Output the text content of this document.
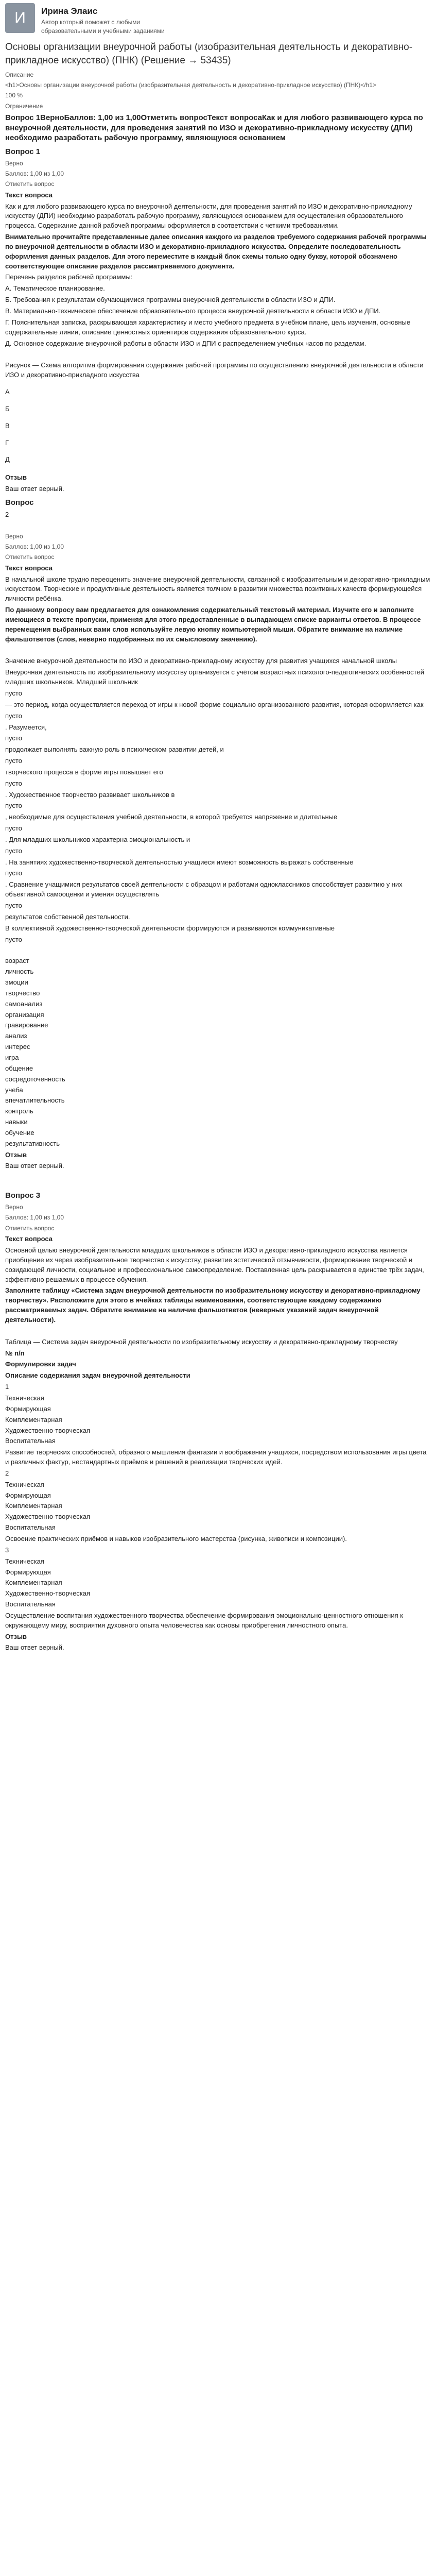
И	Ирина Элаис
Автор который поможет с любыми образовательными и учебными заданиями
Основы организации внеурочной работы (изобразительная деятельность и декоративно-прикладное искусство) (ПНК) (Решение → 53435)

Описание

<h1>Основы организации внеурочной работы (изобразительная деятельность и декоративно-прикладное искусство) (ПНК)</h1>

100 %

Ограничение

Вопрос 1ВерноБаллов: 1,00 из 1,00Отметить вопросТекст вопросаКак и для любого развивающего курса по внеурочной деятельности, для проведения занятий по ИЗО и декоративно-прикладному искусству (ДПИ) необходимо разработать рабочую программу, являющуюся основанием
Вопрос 1

Верно

Баллов: 1,00 из 1,00

Отметить вопрос

Текст вопроса

Как и для любого развивающего курса по внеурочной деятельности, для проведения занятий по ИЗО и декоративно-прикладному искусству (ДПИ) необходимо разработать рабочую программу, являющуюся основанием для осуществления образовательного процесса. Содержание данной рабочей программы оформляется в соответствии с четкими требованиями.

Внимательно прочитайте представленные далее описания каждого из разделов требуемого содержания рабочей программы по внеурочной деятельности в области ИЗО и декоративно-прикладного искусства. Определите последовательность оформления данных разделов. Для этого переместите в каждый блок схемы только одну букву, которой обозначено соответствующее описание разделов рассматриваемого документа.

Перечень разделов рабочей программы:

А. Тематическое планирование.

Б. Требования к результатам обучающимися программы внеурочной деятельности в области ИЗО и ДПИ.

В. Материально-техническое обеспечение образовательного процесса внеурочной деятельности в области ИЗО и ДПИ.

Г. Пояснительная записка, раскрывающая характеристику и место учебного предмета в учебном плане, цель изучения, основные содержательные линии, описание ценностных ориентиров содержания образовательного курса.

Д. Основное содержание внеурочной работы в области ИЗО и ДПИ с распределением учебных часов по разделам.

Рисунок — Схема алгоритма формирования содержания рабочей программы по осуществлению внеурочной деятельности в области ИЗО и декоративно-прикладного искусства

А

Б

В

Г

Д

Отзыв

Ваш ответ верный.

Вопрос

2

Верно

Баллов: 1,00 из 1,00

Отметить вопрос

Текст вопроса

В начальной школе трудно переоценить значение внеурочной деятельности, связанной с изобразительным и декоративно-прикладным искусством. Творческие и продуктивные деятельность является толчком в развитии множества позитивных качеств формирующейся личности ребёнка.

По данному вопросу вам предлагается для ознакомления содержательный текстовый материал. Изучите его и заполните имеющиеся в тексте пропуски, применяя для этого предоставленные в выпадающем списке варианты ответов. В процессе перемещения выбранных вами слов используйте левую кнопку компьютерной мыши. Обратите внимание на наличие фальшответов (слов, неверно подобранных по их смысловому значению).

Значение внеурочной деятельности по ИЗО и декоративно-прикладному искусству для развития учащихся начальной школы

Внеурочная деятельность по изобразительному искусству организуется с учётом возрастных психолого-педагогических особенностей младших школьников. Младший школьник

пусто

— это период, когда осуществляется переход от игры к новой форме социально организованного развития, которая оформляется как

пусто

. Разумеется,

пусто

продолжает выполнять важную роль в психическом развитии детей, и

пусто

творческого процесса в форме игры повышает его

пусто

. Художественное творчество развивает школьников в

пусто

, необходимые для осуществления учебной деятельности, в которой требуется напряжение и длительные

пусто

. Для младших школьников характерна эмоциональность и

пусто

. На занятиях художественно-творческой деятельностью учащиеся имеют возможность выражать собственные

пусто

. Сравнение учащимися результатов своей деятельности с образцом и работами одноклассников способствует развитию у них объективной самооценки и умения осуществлять

пусто

результатов собственной деятельности.

В коллективной художественно-творческой деятельности формируются и развиваются коммуникативные

пусто

возраст

личность

эмоции

творчество

самоанализ

организация

гравирование

анализ

интерес

игра

общение

сосредоточенность

учеба

впечатлительность

контроль

навыки

обучение

результативность

Отзыв

Ваш ответ верный.

Вопрос 3

Верно

Баллов: 1,00 из 1,00

Отметить вопрос

Текст вопроса

Основной целью внеурочной деятельности младших школьников в области ИЗО и декоративно-прикладного искусства является приобщение их через изобразительное творчество к искусству, развитие эстетической отзывчивости, формирование творческой и созидающей личности, социальное и профессиональное самоопределение. Поставленная цель раскрывается в единстве трёх задач, эффективно решаемых в процессе обучения.

Заполните таблицу «Система задач внеурочной деятельности по изобразительному искусству и декоративно-прикладному творчеству». Расположите для этого в ячейках таблицы наименования, соответствующие каждому содержанию рассматриваемых задач. Обратите внимание на наличие фальшответов (неверных указаний задач внеурочной деятельности).

Таблица — Система задач внеурочной деятельности по изобразительному искусству и декоративно-прикладному творчеству

№ п/п

Формулировки задач

Описание содержания задач внеурочной деятельности

1

Техническая

Формирующая

Комплементарная

Художественно-творческая

Воспитательная

Развитие творческих способностей, образного мышления фантазии и воображения учащихся, посредством использования игры цвета и различных фактур, нестандартных приёмов и решений в реализации творческих идей.

2

Техническая

Формирующая

Комплементарная

Художественно-творческая

Воспитательная

Освоение практических приёмов и навыков изобразительного мастерства (рисунка, живописи и композиции).

3

Техническая

Формирующая

Комплементарная

Художественно-творческая

Воспитательная

Осуществление воспитания художественного творчества обеспечение формирования эмоционально-ценностного отношения к окружающему миру, восприятия духовного опыта человечества как основы приобретения личностного опыта.

Отзыв

Ваш ответ верный.
